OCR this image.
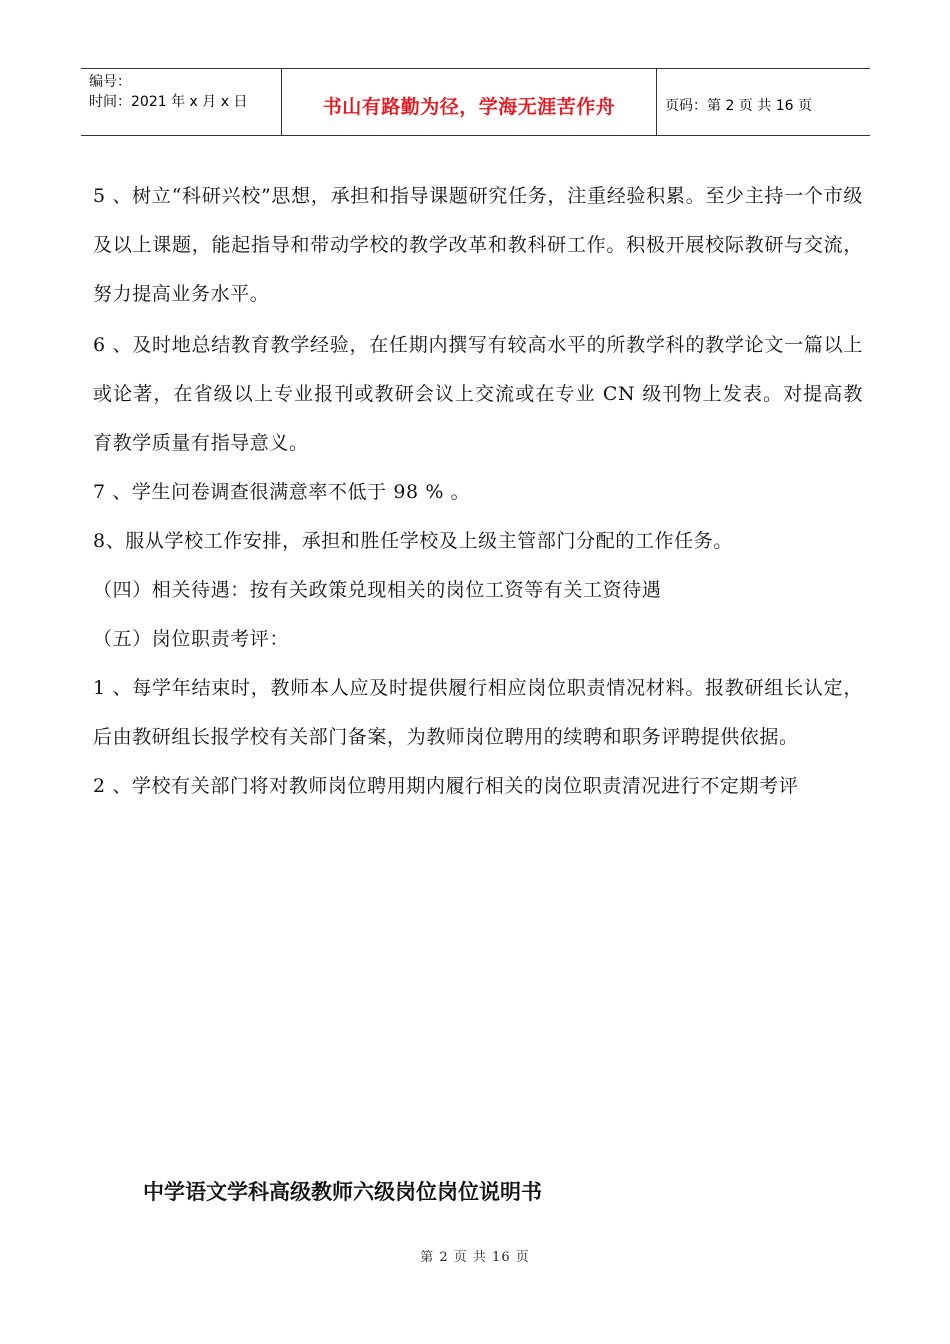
编号：
时间：2021 年 x 月 x 日	书山有路勤为径，学海无涯苦作舟	页码：第 2 页 共 16 页

5 、树立“科研兴校”思想，承担和指导课题研究任务，注重经验积累。至少主持一个市级及以上课题，能起指导和带动学校的教学改革和教科研工作。积极开展校际教研与交流，努力提高业务水平。

6 、及时地总结教育教学经验，在任期内撰写有较高水平的所教学科的教学论文一篇以上或论著，在省级以上专业报刊或教研会议上交流或在专业 CN 级刊物上发表。对提高教育教学质量有指导意义。

7 、学生问卷调查很满意率不低于 98 % 。

8、服从学校工作安排，承担和胜任学校及上级主管部门分配的工作任务。

（四）相关待遇：按有关政策兑现相关的岗位工资等有关工资待遇

（五）岗位职责考评：

1 、每学年结束时，教师本人应及时提供履行相应岗位职责情况材料。报教研组长认定，后由教研组长报学校有关部门备案，为教师岗位聘用的续聘和职务评聘提供依据。

2 、学校有关部门将对教师岗位聘用期内履行相关的岗位职责清况进行不定期考评

中学语文学科高级教师六级岗位岗位说明书
第 2 页 共 16 页
